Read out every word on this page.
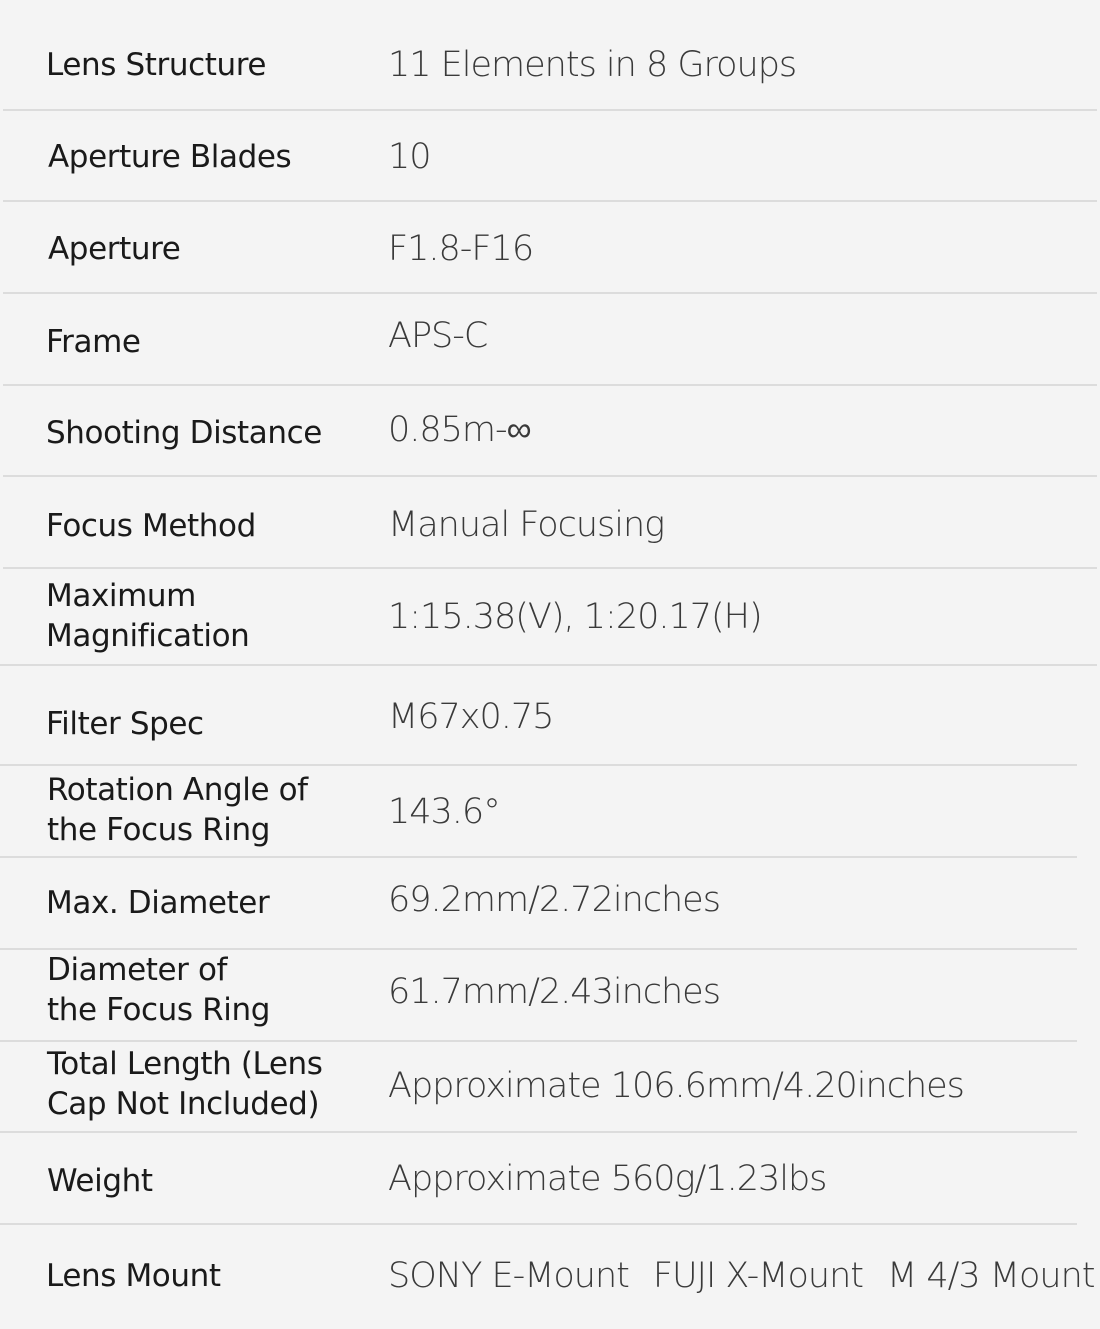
Lens Structure	11 Elements in 8 Groups
Aperture Blades	10
Aperture	F1.8-F16
Frame	APS-C
Shooting Distance	0.85m-∞
Focus Method	Manual Focusing
Maximum
Magnification	1:15.38(V), 1:20.17(H)
Filter Spec	M67x0.75
Rotation Angle of
the Focus Ring	143.6°
Max. Diameter	69.2mm/2.72inches
Diameter of
the Focus Ring	61.7mm/2.43inches
Total Length (Lens
Cap Not Included)	Approximate 106.6mm/4.20inches
Weight	Approximate 560g/1.23lbs
Lens Mount	SONY E-Mount FUJI X-Mount M 4/3 Mount
